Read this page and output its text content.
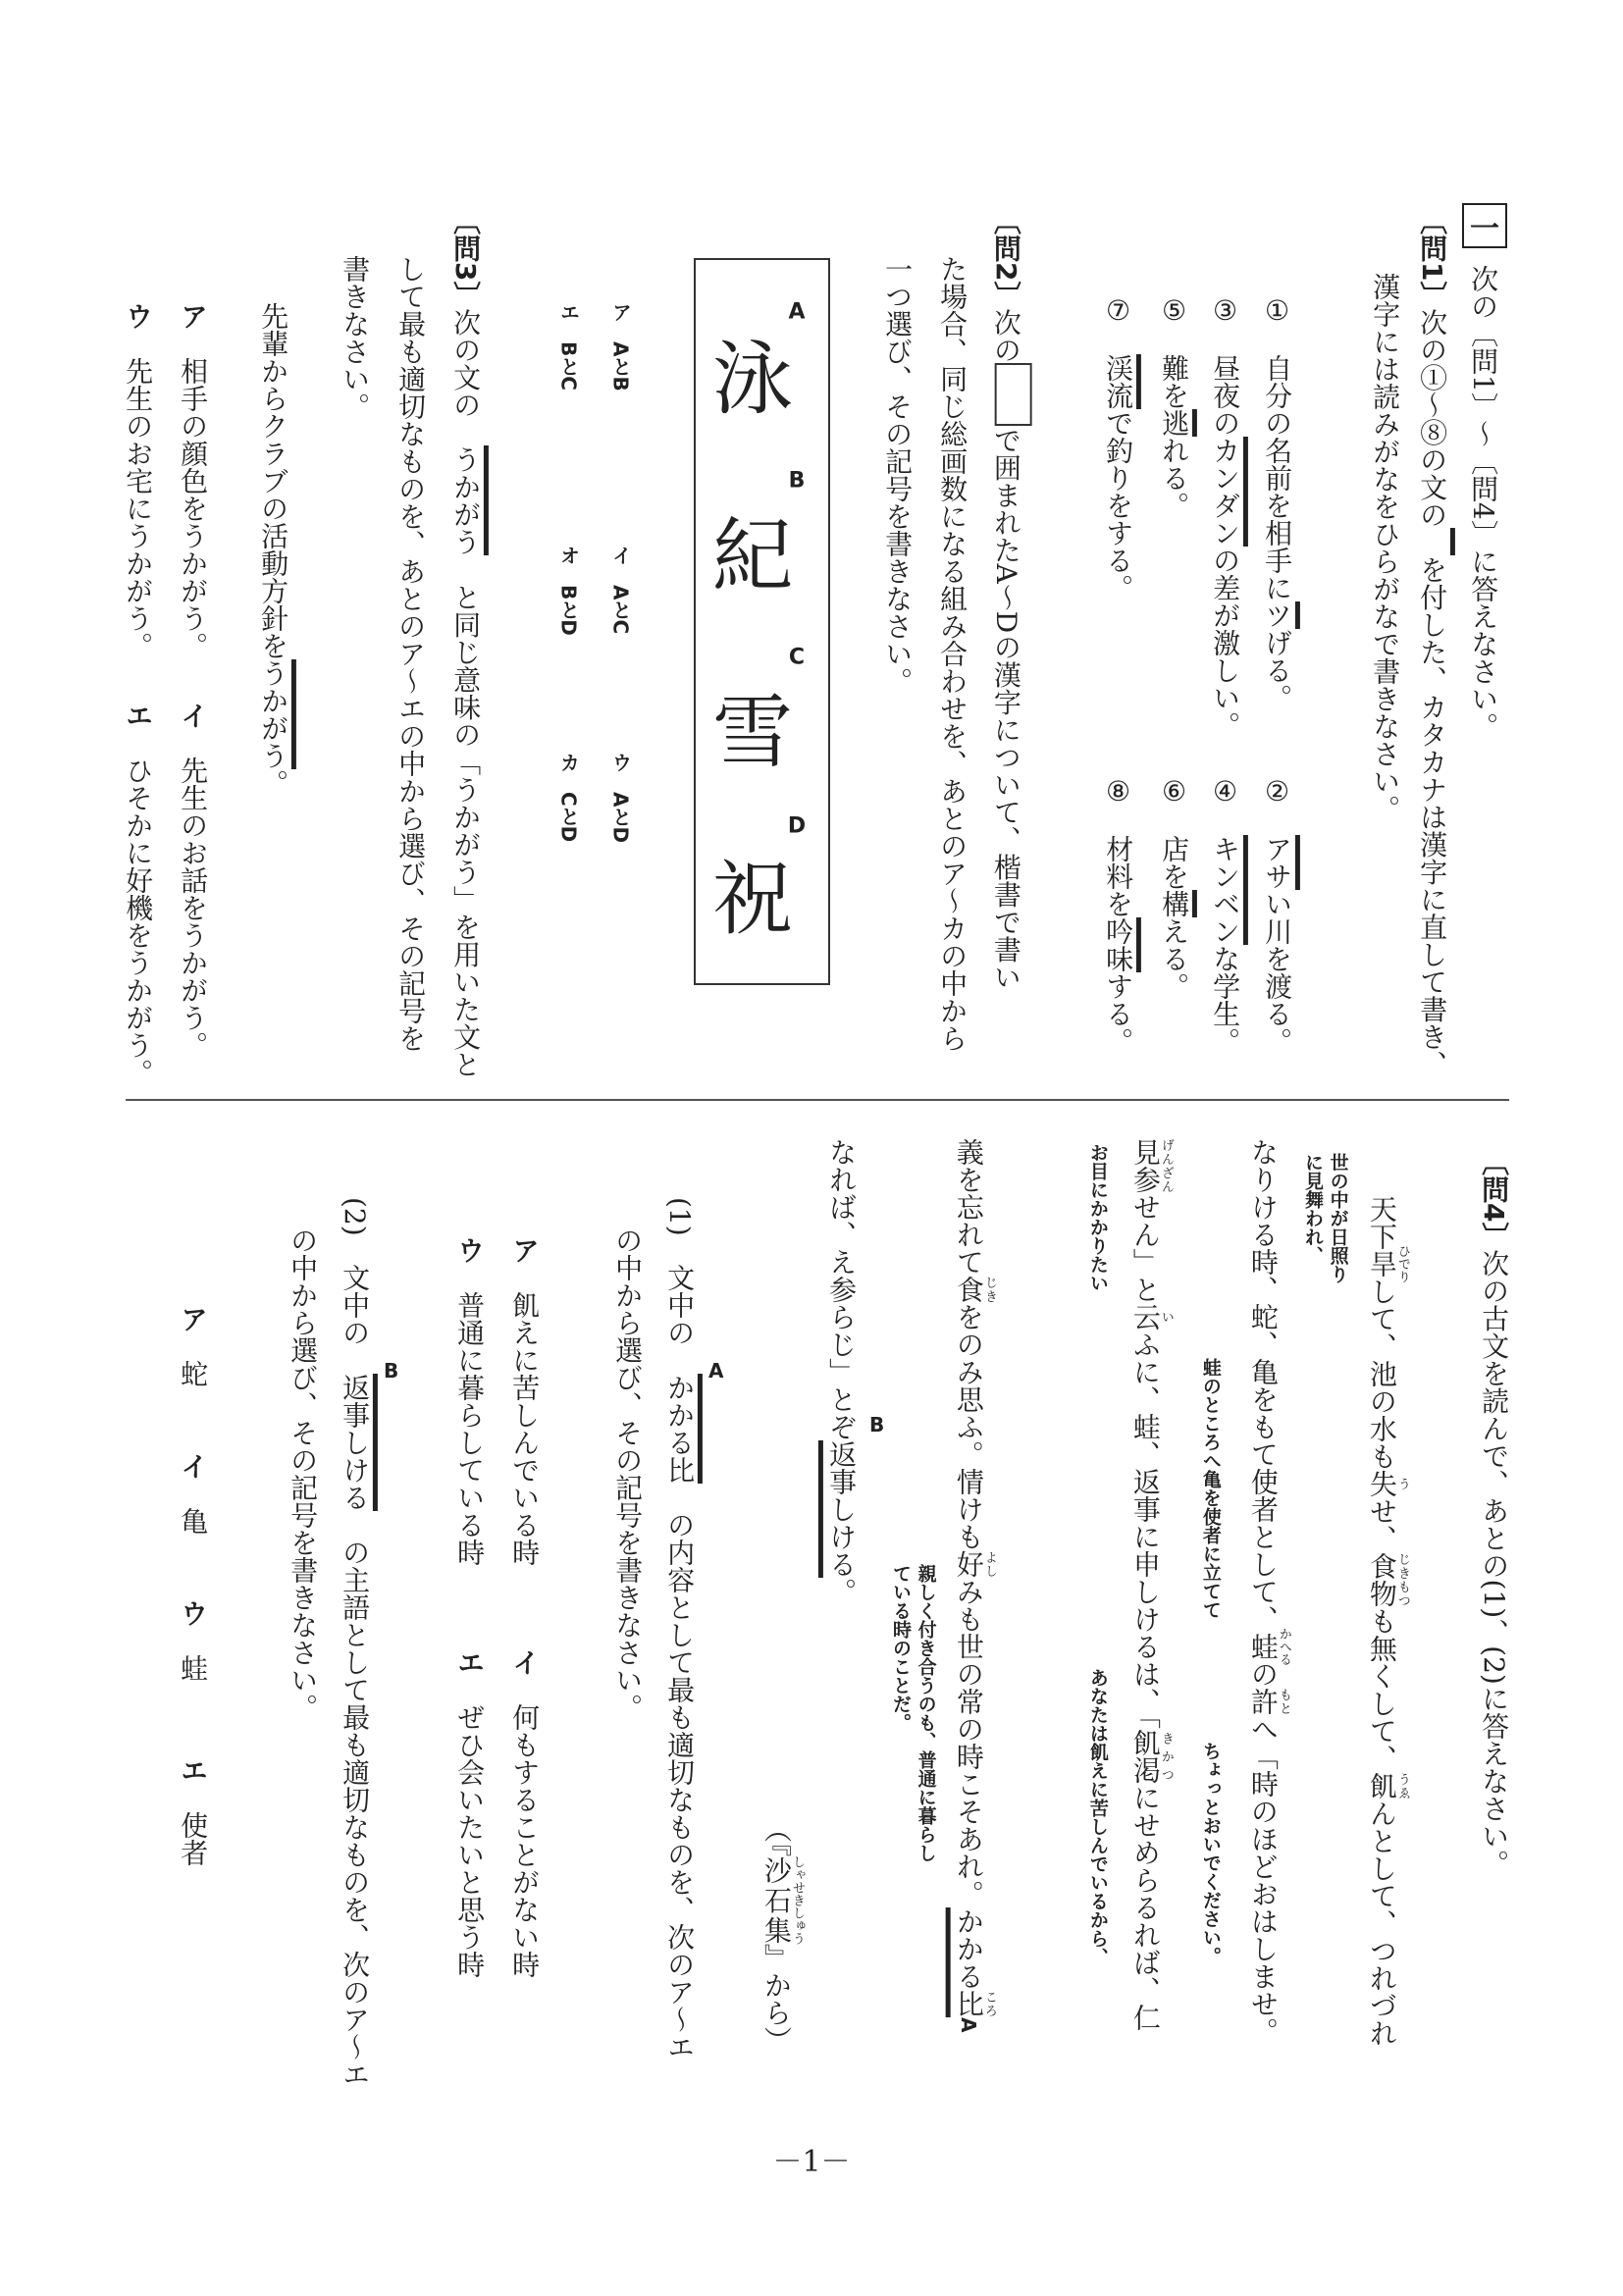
一
次の〔問1〕～〔問4〕に答えなさい。
〔問1〕次の①～⑧の文の​　を付した、カタカナは漢字に直して書き、
漢字には読みがなをひらがなで書きなさい。
①　自分の名前を相手にツげる。
②　アサい川を渡る。
③　昼夜のカンダンの差が激しい。
④　キンベンな学生。
⑤　難を逃れる。
⑥　店を構える。
⑦　渓流で釣りをする。
⑧　材料を吟味する。
〔問2〕次ので囲まれたA～Dの漢字について、楷書で書い
た場合、同じ総画数になる組み合わせを、あとのア～カの中から
一つ選び、その記号を書きなさい。
A
泳
B
紀
C
雪
D
祝
ア　AとB
イ　AとC
ウ　AとD
エ　BとC
オ　BとD
カ　CとD
〔問3〕次の文の　うかがう　と同じ意味の「うかがう」を用いた文と
して最も適切なものを、あとのア～エの中から選び、その記号を
書きなさい。
先輩からクラブの活動方針をうかがう。
ア　相手の顔色をうかがう。
イ　先生のお話をうかがう。
ウ　先生のお宅にうかがう。
エ　ひそかに好機をうかがう。
〔問4〕次の古文を読んで、あとの(1)、(2)に答えなさい。
天下旱ひでりして、池の水も失うせ、食物じきもつも無くして、飢うゑんとして、つれづれ
世の中が日照り
に見舞われ、
なりける時、蛇、亀をもて使者として、蛙かへるの許もとへ「時のほどおはしませ。
蛙のところへ亀を使者に立てて
ちょっとおいでください。
見参げんざんせん」と云いふに、蛙、返事に申しけるは、「飢渇きかつにせめらるれば、仁
お目にかかりたい
あなたは飢えに苦しんでいるから、
義を忘れて食じきをのみ思ふ。情けも好よしみも世の常の時こそあれ。かかる比ころA
親しく付き合うのも、普通に暮らし
ている時のことだ。
なれば、え参らじ」とぞ返事しける。
B
（『沙石集しゃせきしゅう』から）
(1)　文中の　かかる比　の内容として最も適切なものを、次のア～エ
A
の中から選び、その記号を書きなさい。
ア　飢えに苦しんでいる時
イ　何もすることがない時
ウ　普通に暮らしている時
エ　ぜひ会いたいと思う時
(2)　文中の　返事しける　の主語として最も適切なものを、次のア～エ
B
の中から選び、その記号を書きなさい。
ア　蛇
イ　亀
ウ　蛙
エ　使者
－1－
